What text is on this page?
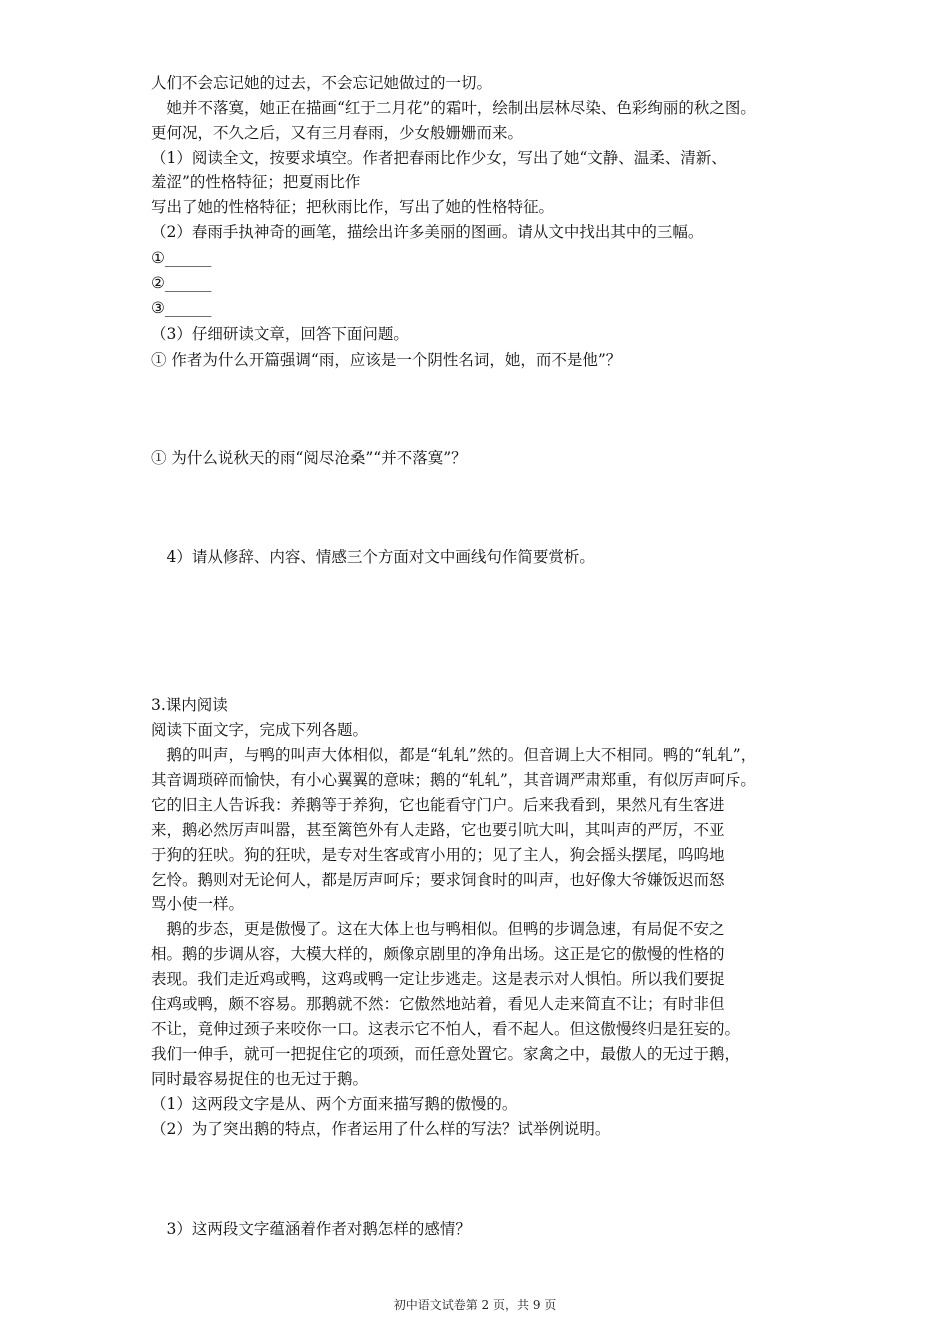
人们不会忘记她的过去，不会忘记她做过的一切。
　她并不落寞，她正在描画“红于二月花”的霜叶，绘制出层林尽染、色彩绚丽的秋之图。
更何况，不久之后，又有三月春雨，少女般姗姗而来。
（1）阅读全文，按要求填空。作者把春雨比作少女，写出了她“文静、温柔、清新、
羞涩”的性格特征；把夏雨比作
写出了她的性格特征；把秋雨比作，写出了她的性格特征。
（2）春雨手执神奇的画笔，描绘出许多美丽的图画。请从文中找出其中的三幅。
①______
②______
③______
（3）仔细研读文章，回答下面问题。
① 作者为什么开篇强调“雨，应该是一个阴性名词，她，而不是他”？
① 为什么说秋天的雨“阅尽沧桑”“并不落寞”？
　4）请从修辞、内容、情感三个方面对文中画线句作简要赏析。
3.课内阅读
阅读下面文字，完成下列各题。
　鹅的叫声，与鸭的叫声大体相似，都是“轧轧”然的。但音调上大不相同。鸭的“轧轧”，
其音调琐碎而愉快，有小心翼翼的意味；鹅的“轧轧”，其音调严肃郑重，有似厉声呵斥。
它的旧主人告诉我：养鹅等于养狗，它也能看守门户。后来我看到，果然凡有生客进
来，鹅必然厉声叫嚣，甚至篱笆外有人走路，它也要引吭大叫，其叫声的严厉，不亚
于狗的狂吠。狗的狂吠，是专对生客或宵小用的；见了主人，狗会摇头摆尾，呜呜地
乞怜。鹅则对无论何人，都是厉声呵斥；要求饲食时的叫声，也好像大爷嫌饭迟而怒
骂小使一样。
　鹅的步态，更是傲慢了。这在大体上也与鸭相似。但鸭的步调急速，有局促不安之
相。鹅的步调从容，大模大样的，颇像京剧里的净角出场。这正是它的傲慢的性格的
表现。我们走近鸡或鸭，这鸡或鸭一定让步逃走。这是表示对人惧怕。所以我们要捉
住鸡或鸭，颇不容易。那鹅就不然：它傲然地站着，看见人走来简直不让；有时非但
不让，竟伸过颈子来咬你一口。这表示它不怕人，看不起人。但这傲慢终归是狂妄的。
我们一伸手，就可一把捉住它的项颈，而任意处置它。家禽之中，最傲人的无过于鹅，
同时最容易捉住的也无过于鹅。
（1）这两段文字是从、两个方面来描写鹅的傲慢的。
（2）为了突出鹅的特点，作者运用了什么样的写法？试举例说明。
　3）这两段文字蕴涵着作者对鹅怎样的感情？
初中语文试卷第 2 页，共 9 页
